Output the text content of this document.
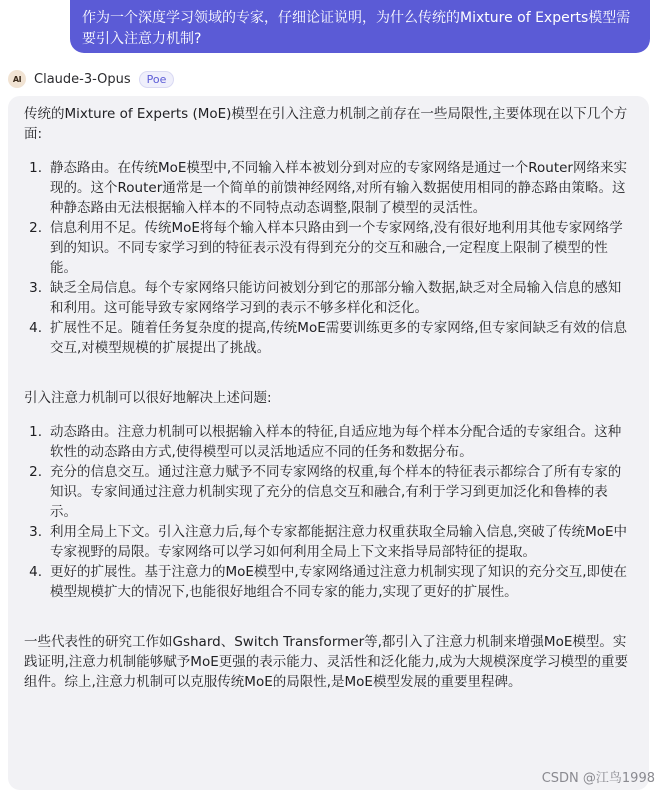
作为一个深度学习领域的专家，仔细论证说明，为什么传统的Mixture of Experts模型需要引入注意力机制?
AI Claude-3-Opus	Poe

传统的Mixture of Experts (MoE)模型在引入注意力机制之前存在一些局限性,主要体现在以下几个方面:

1. 静态路由。在传统MoE模型中,不同输入样本被划分到对应的专家网络是通过一个Router网络来实现的。这个Router通常是一个简单的前馈神经网络,对所有输入数据使用相同的静态路由策略。这种静态路由无法根据输入样本的不同特点动态调整,限制了模型的灵活性。
2. 信息利用不足。传统MoE将每个输入样本只路由到一个专家网络,没有很好地利用其他专家网络学到的知识。不同专家学习到的特征表示没有得到充分的交互和融合,一定程度上限制了模型的性能。
3. 缺乏全局信息。每个专家网络只能访问被划分到它的那部分输入数据,缺乏对全局输入信息的感知和利用。这可能导致专家网络学习到的表示不够多样化和泛化。
4. 扩展性不足。随着任务复杂度的提高,传统MoE需要训练更多的专家网络,但专家间缺乏有效的信息交互,对模型规模的扩展提出了挑战。

引入注意力机制可以很好地解决上述问题:

1. 动态路由。注意力机制可以根据输入样本的特征,自适应地为每个样本分配合适的专家组合。这种软性的动态路由方式,使得模型可以灵活地适应不同的任务和数据分布。
2. 充分的信息交互。通过注意力赋予不同专家网络的权重,每个样本的特征表示都综合了所有专家的知识。专家间通过注意力机制实现了充分的信息交互和融合,有利于学习到更加泛化和鲁棒的表示。
3. 利用全局上下文。引入注意力后,每个专家都能据注意力权重获取全局输入信息,突破了传统MoE中专家视野的局限。专家网络可以学习如何利用全局上下文来指导局部特征的提取。
4. 更好的扩展性。基于注意力的MoE模型中,专家网络通过注意力机制实现了知识的充分交互,即使在模型规模扩大的情况下,也能很好地组合不同专家的能力,实现了更好的扩展性。

一些代表性的研究工作如Gshard、Switch Transformer等,都引入了注意力机制来增强MoE模型。实践证明,注意力机制能够赋予MoE更强的表示能力、灵活性和泛化能力,成为大规模深度学习模型的重要组件。综上,注意力机制可以克服传统MoE的局限性,是MoE模型发展的重要里程碑。

CSDN @江鸟1998
